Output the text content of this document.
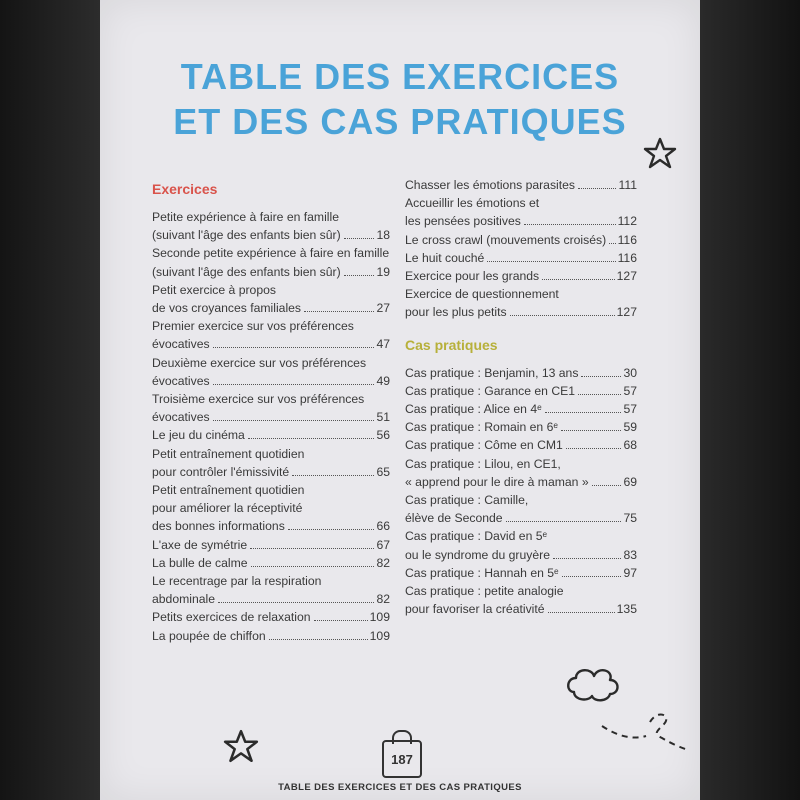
TABLE DES EXERCICES
ET DES CAS PRATIQUES
Exercices
Petite expérience à faire en famille
(suivant l'âge des enfants bien sûr)	18
Seconde petite expérience à faire en famille
(suivant l'âge des enfants bien sûr)	19
Petit exercice à propos
de vos croyances familiales	27
Premier exercice sur vos préférences
évocatives	47
Deuxième exercice sur vos préférences
évocatives	49
Troisième exercice sur vos préférences
évocatives	51
Le jeu du cinéma	56
Petit entraînement quotidien
pour contrôler l'émissivité	65
Petit entraînement quotidien
pour améliorer la réceptivité
des bonnes informations	66
L'axe de symétrie	67
La bulle de calme	82
Le recentrage par la respiration
abdominale	82
Petits exercices de relaxation	109
La poupée de chiffon	109
Chasser les émotions parasites	111
Accueillir les émotions et
les pensées positives	112
Le cross crawl (mouvements croisés) 116
Le huit couché	116
Exercice pour les grands	127
Exercice de questionnement
pour les plus petits	127
Cas pratiques
Cas pratique : Benjamin, 13 ans	30
Cas pratique : Garance en CE1	57
Cas pratique : Alice en 4ᵉ	57
Cas pratique : Romain en 6ᵉ	59
Cas pratique : Côme en CM1	68
Cas pratique : Lilou, en CE1,
« apprend pour le dire à maman »	69
Cas pratique : Camille,
élève de Seconde	75
Cas pratique : David en 5ᵉ
ou le syndrome du gruyère	83
Cas pratique : Hannah en 5ᵉ	97
Cas pratique : petite analogie
pour favoriser la créativité	135
187
TABLE DES EXERCICES ET DES CAS PRATIQUES
